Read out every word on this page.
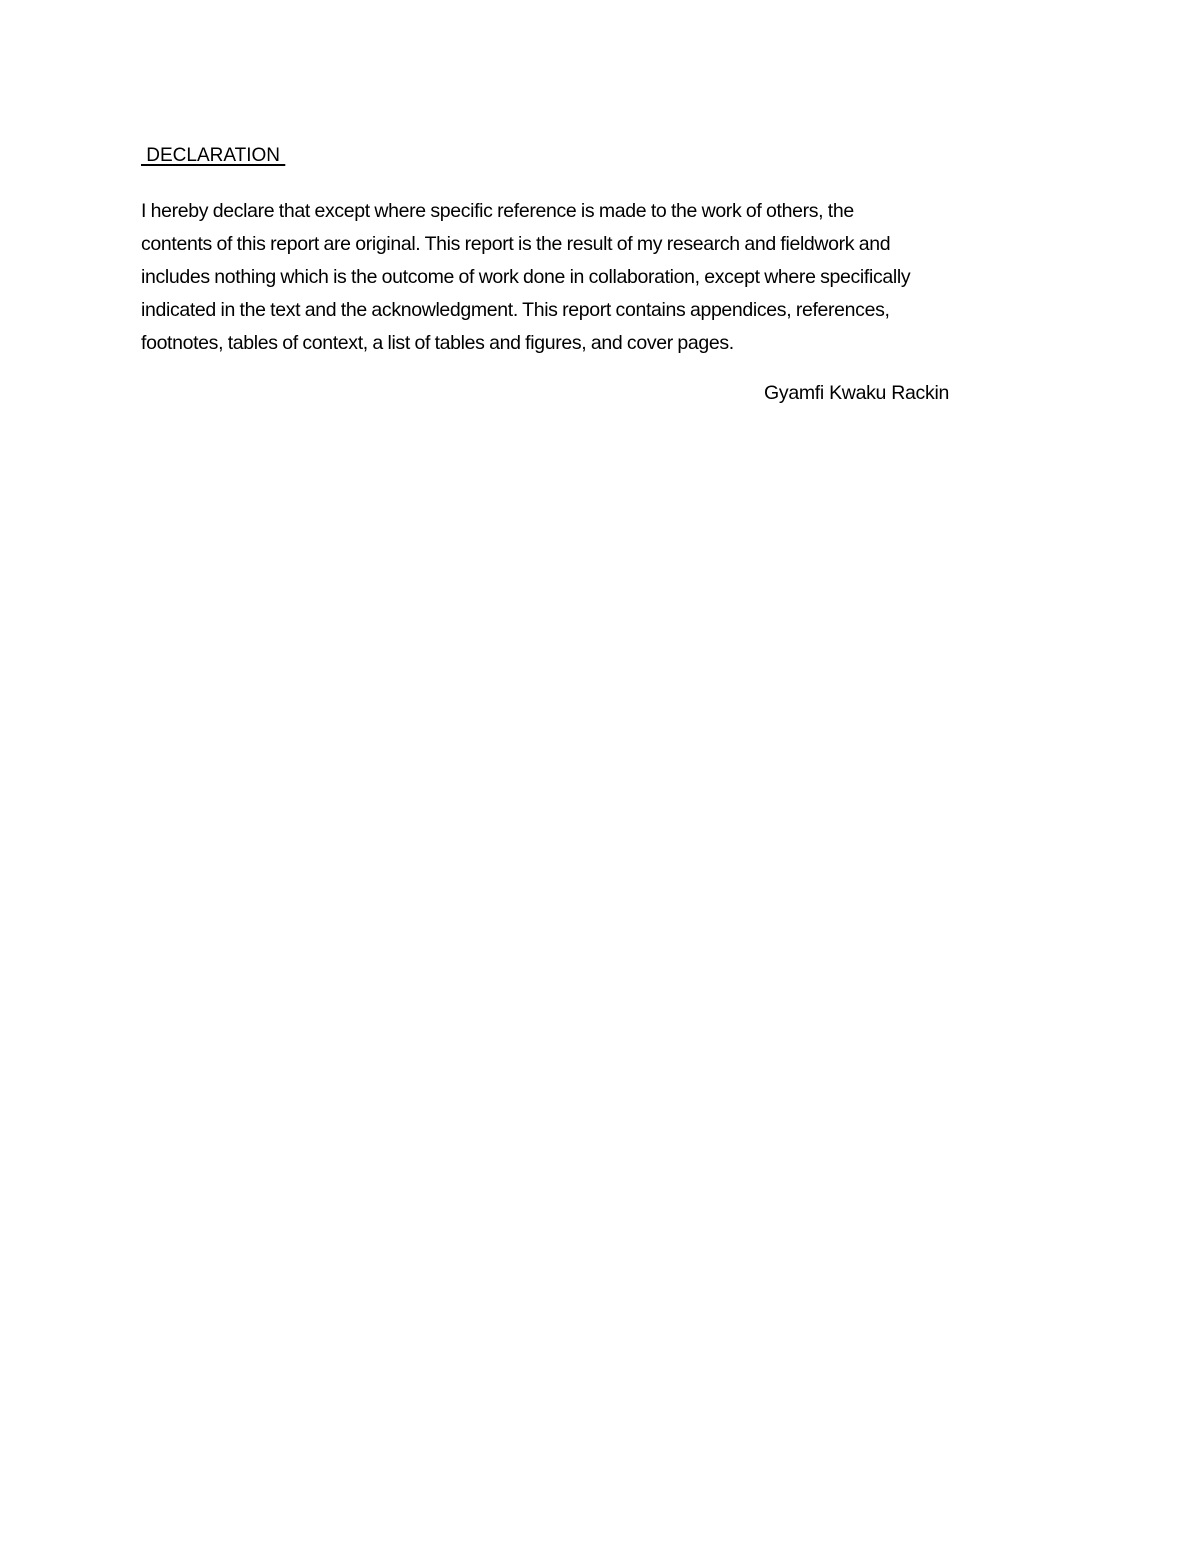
DECLARATION
I hereby declare that except where specific reference is made to the work of others, the
contents of this report are original. This report is the result of my research and fieldwork and
includes nothing which is the outcome of work done in collaboration, except where specifically
indicated in the text and the acknowledgment. This report contains appendices, references,
footnotes, tables of context, a list of tables and figures, and cover pages.
Gyamfi Kwaku Rackin
